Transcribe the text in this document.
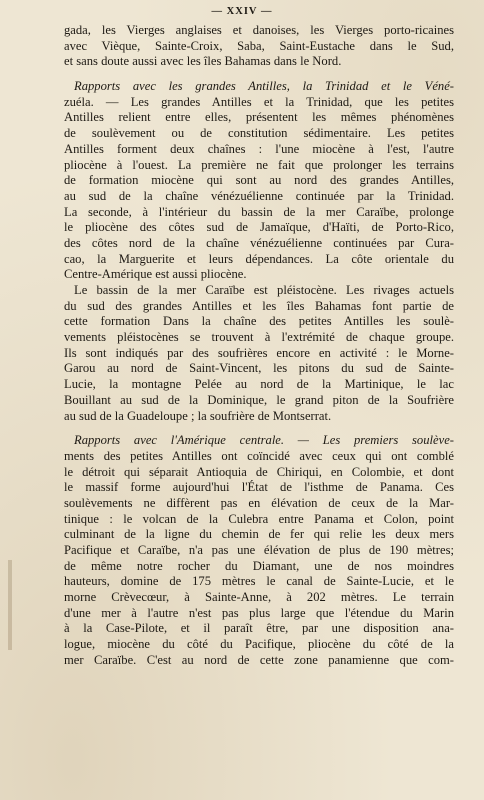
— XXIV —
gada, les Vierges anglaises et danoises, les Vierges porto-ricaines
avec Vièque, Sainte-Croix, Saba, Saint-Eustache dans le Sud,
et sans doute aussi avec les îles Bahamas dans le Nord.
Rapports avec les grandes Antilles, la Trinidad et le Véné-
zuéla. — Les grandes Antilles et la Trinidad, que les petites
Antilles relient entre elles, présentent les mêmes phénomènes
de soulèvement ou de constitution sédimentaire. Les petites
Antilles forment deux chaînes : l'une miocène à l'est, l'autre
pliocène à l'ouest. La première ne fait que prolonger les terrains
de formation miocène qui sont au nord des grandes Antilles,
au sud de la chaîne vénézuélienne continuée par la Trinidad.
La seconde, à l'intérieur du bassin de la mer Caraïbe, prolonge
le pliocène des côtes sud de Jamaïque, d'Haïti, de Porto-Rico,
des côtes nord de la chaîne vénézuélienne continuées par Cura-
cao, la Marguerite et leurs dépendances. La côte orientale du
Centre-Amérique est aussi pliocène.
Le bassin de la mer Caraïbe est pléistocène. Les rivages actuels
du sud des grandes Antilles et les îles Bahamas font partie de
cette formation Dans la chaîne des petites Antilles les soulè-
vements pléistocènes se trouvent à l'extrémité de chaque groupe.
Ils sont indiqués par des soufrières encore en activité : le Morne-
Garou au nord de Saint-Vincent, les pitons du sud de Sainte-
Lucie, la montagne Pelée au nord de la Martinique, le lac
Bouillant au sud de la Dominique, le grand piton de la Soufrière
au sud de la Guadeloupe ; la soufrière de Montserrat.
Rapports avec l'Amérique centrale. — Les premiers soulève-
ments des petites Antilles ont coïncidé avec ceux qui ont comblé
le détroit qui séparait Antioquia de Chiriqui, en Colombie, et dont
le massif forme aujourd'hui l'État de l'isthme de Panama. Ces
soulèvements ne diffèrent pas en élévation de ceux de la Mar-
tinique : le volcan de la Culebra entre Panama et Colon, point
culminant de la ligne du chemin de fer qui relie les deux mers
Pacifique et Caraïbe, n'a pas une élévation de plus de 190 mètres;
de même notre rocher du Diamant, une de nos moindres
hauteurs, domine de 175 mètres le canal de Sainte-Lucie, et le
morne Crèvecœur, à Sainte-Anne, à 202 mètres. Le terrain
d'une mer à l'autre n'est pas plus large que l'étendue du Marin
à la Case-Pilote, et il paraît être, par une disposition ana-
logue, miocène du côté du Pacifique, pliocène du côté de la
mer Caraïbe. C'est au nord de cette zone panamienne que com-
